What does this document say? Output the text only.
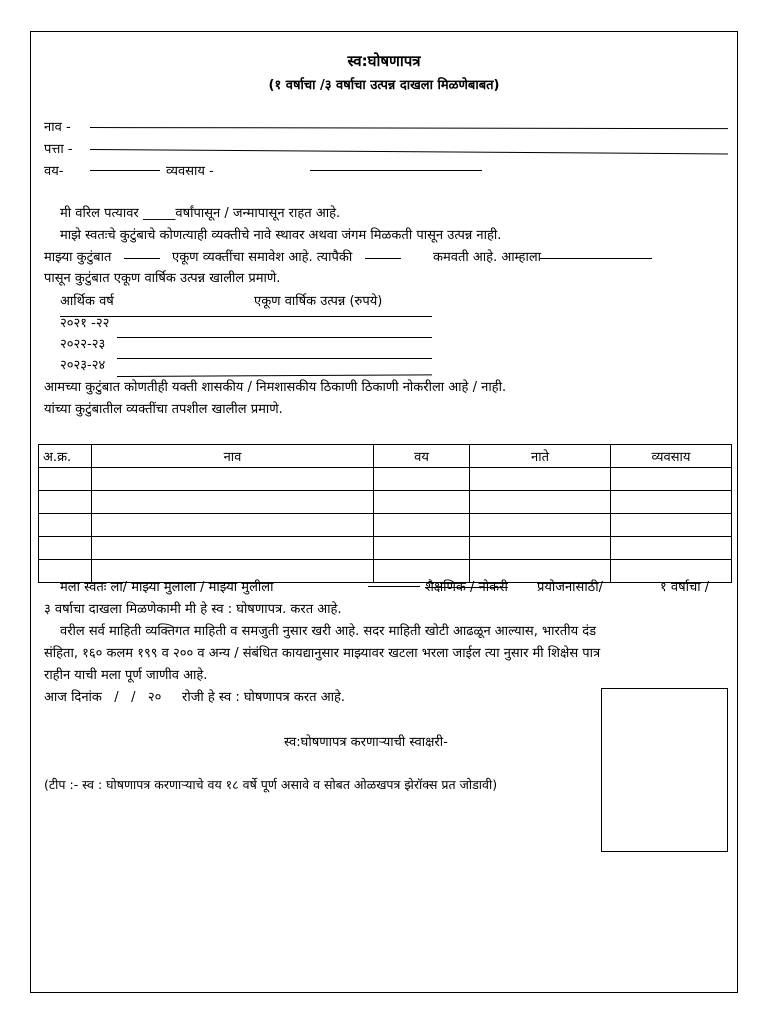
स्व:घोषणापत्र
(१ वर्षाचा /३ वर्षाचा उत्पन्न दाखला मिळणेबाबत)
नाव -
पत्ता -
वय-	व्यवसाय -
मी वरिल पत्यावर _____वर्षांपासून / जन्मापासून राहत आहे.
माझे स्वतःचे कुटुंबाचे कोणत्याही व्यक्तीचे नावे स्थावर अथवा जंगम मिळकती पासून उत्पन्न नाही.
माझ्या कुटुंबात	एकूण व्यक्तींचा समावेश आहे. त्यापैकी	कमवती आहे. आम्हाला
पासून कुटुंबात एकूण वार्षिक उत्पन्न खालील प्रमाणे.
आर्थिक वर्ष	एकूण वार्षिक उत्पन्न (रुपये)
२०२१ -२२
२०२२-२३
२०२३-२४
आमच्या कुटुंबात कोणतीही यक्ती शासकीय / निमशासकीय ठिकाणी ठिकाणी नोकरीला आहे / नाही.
यांच्या कुटुंबातील व्यक्तींचा तपशील खालील प्रमाणे.
अ.क्र.	नाव	वय	नाते	व्यवसाय

मला स्वतः ला/ माझ्या मुलाला / माझ्या मुलीला	शैक्षणिक / नोकरी प्रयोजनासाठी/	१ वर्षाचा /
३ वर्षाचा दाखला मिळणेकामी मी हे स्व : घोषणापत्र. करत आहे.
वरील सर्व माहिती व्यक्तिगत माहिती व समजुती नुसार खरी आहे. सदर माहिती खोटी आढळून आल्यास, भारतीय दंड
संहिता, १६० कलम १९९ व २०० व अन्य / संबंधित कायद्यानुसार माझ्यावर खटला भरला जाईल त्या नुसार मी शिक्षेस पात्र
राहीन याची मला पूर्ण जाणीव आहे.
आज दिनांक   /   /   २०     रोजी हे स्व : घोषणापत्र करत आहे.
स्व:घोषणापत्र करणाऱ्याची स्वाक्षरी-
(टीप :- स्व : घोषणापत्र करणाऱ्याचे वय १८ वर्षे पूर्ण असावे व सोबत ओळखपत्र झेरॉक्स प्रत जोडावी)
